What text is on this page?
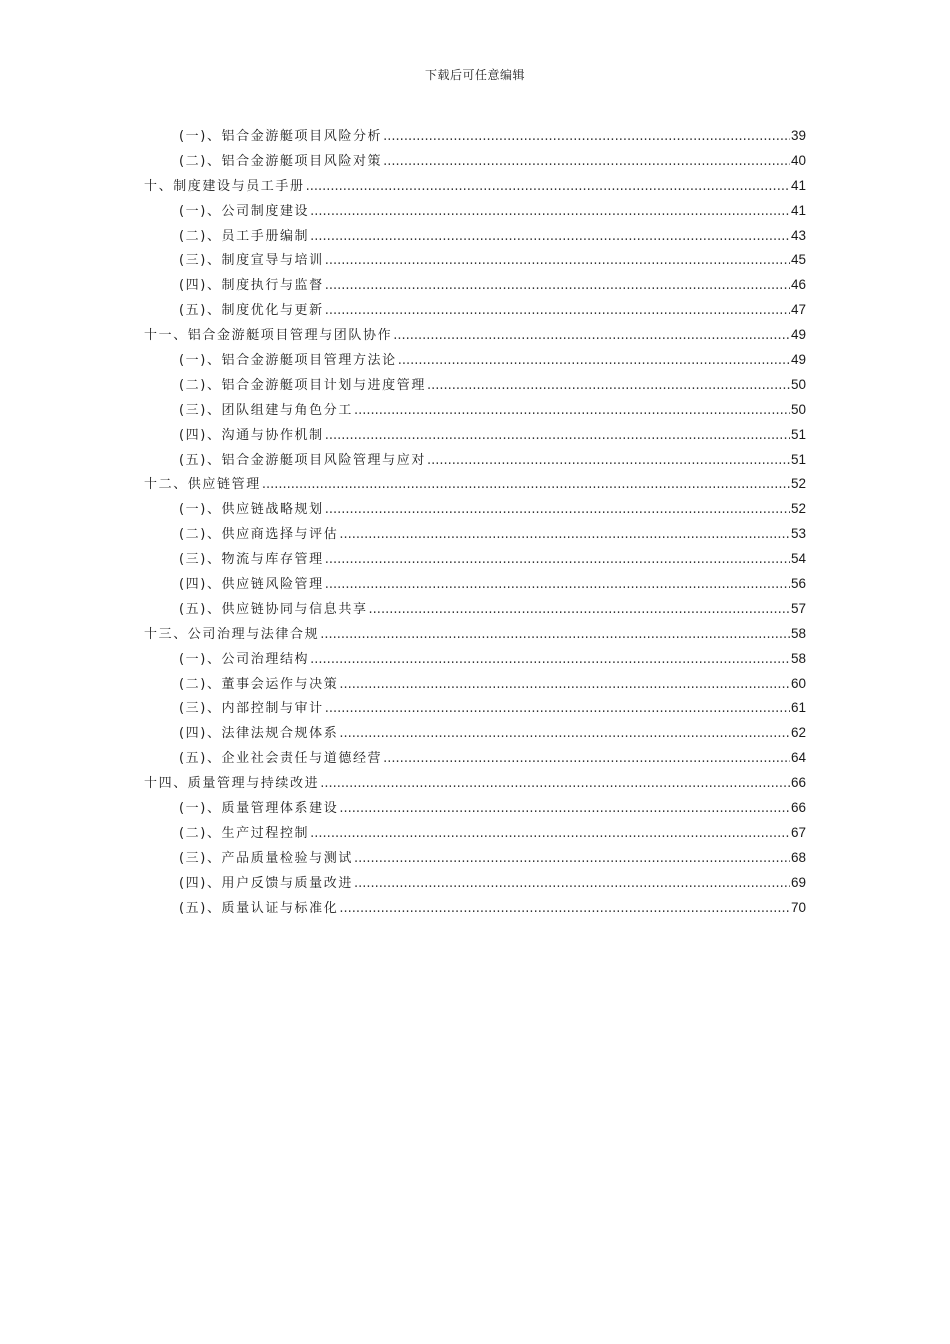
下载后可任意编辑
(一)、铝合金游艇项目风险分析 .....	39
(二)、铝合金游艇项目风险对策 .....	40
十、制度建设与员工手册 .....	41
(一)、公司制度建设 .....	41
(二)、员工手册编制 .....	43
(三)、制度宣导与培训 .....	45
(四)、制度执行与监督 .....	46
(五)、制度优化与更新 .....	47
十一、铝合金游艇项目管理与团队协作 .....	49
(一)、铝合金游艇项目管理方法论 .....	49
(二)、铝合金游艇项目计划与进度管理 .....	50
(三)、团队组建与角色分工 .....	50
(四)、沟通与协作机制 .....	51
(五)、铝合金游艇项目风险管理与应对 .....	51
十二、供应链管理 .....	52
(一)、供应链战略规划 .....	52
(二)、供应商选择与评估 .....	53
(三)、物流与库存管理 .....	54
(四)、供应链风险管理 .....	56
(五)、供应链协同与信息共享 .....	57
十三、公司治理与法律合规 .....	58
(一)、公司治理结构 .....	58
(二)、董事会运作与决策 .....	60
(三)、内部控制与审计 .....	61
(四)、法律法规合规体系 .....	62
(五)、企业社会责任与道德经营 .....	64
十四、质量管理与持续改进 .....	66
(一)、质量管理体系建设 .....	66
(二)、生产过程控制 .....	67
(三)、产品质量检验与测试 .....	68
(四)、用户反馈与质量改进 .....	69
(五)、质量认证与标准化 .....	70
